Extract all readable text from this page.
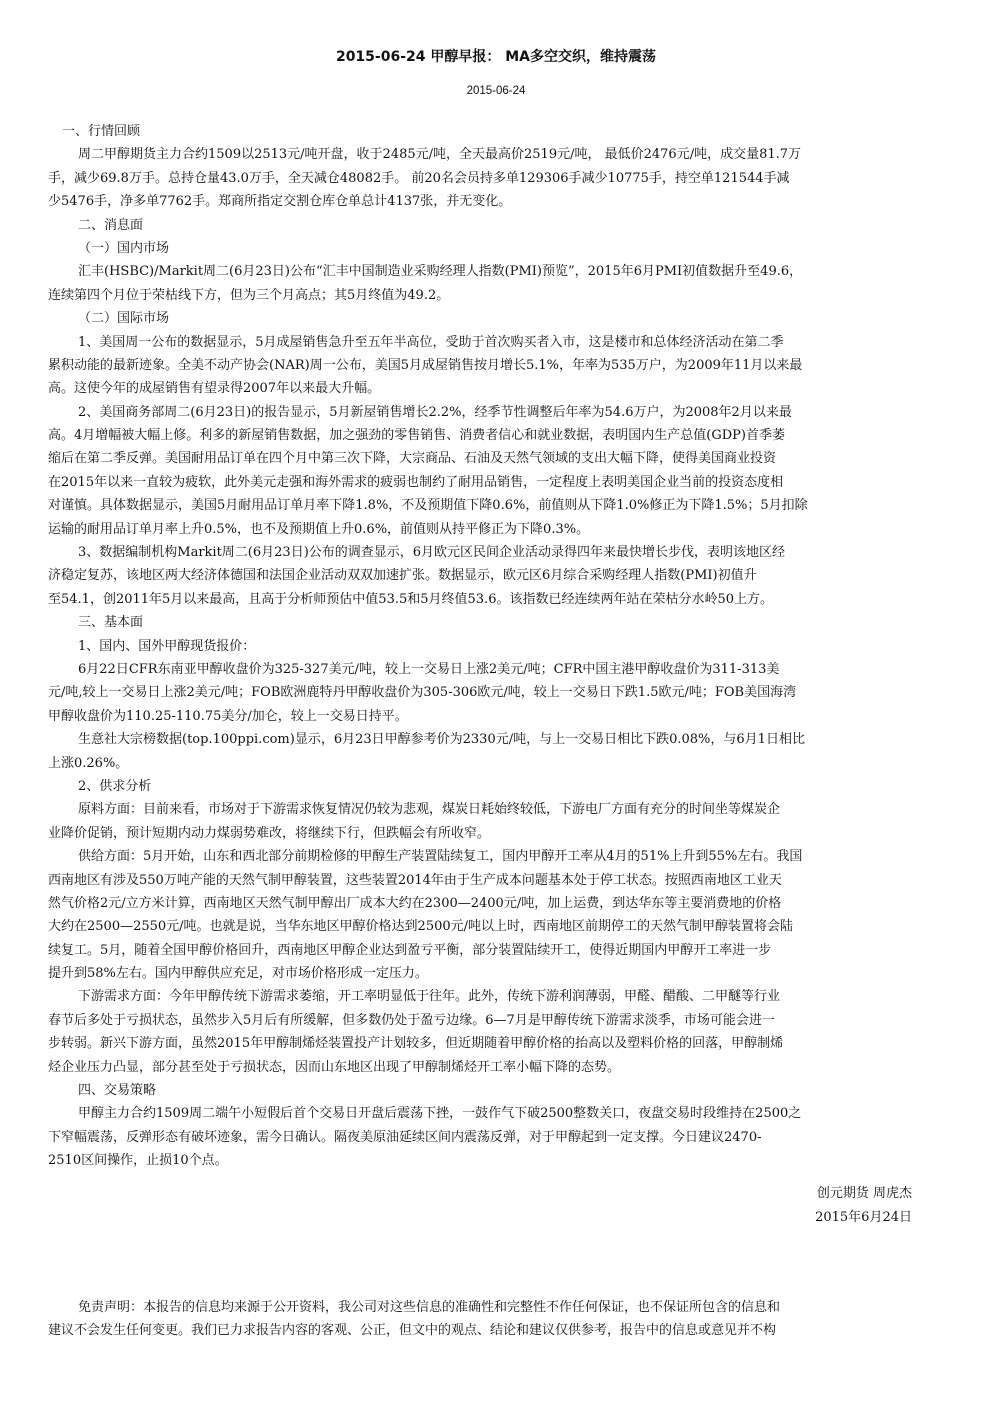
2015-06-24 甲醇早报： MA多空交织，维持震荡
2015-06-24
一、行情回顾
周二甲醇期货主力合约1509以2513元/吨开盘，收于2485元/吨，全天最高价2519元/吨， 最低价2476元/吨，成交量81.7万
手，减少69.8万手。总持仓量43.0万手，全天减仓48082手。 前20名会员持多单129306手减少10775手，持空单121544手减
少5476手，净多单7762手。郑商所指定交割仓库仓单总计4137张，并无变化。
二、消息面
（一）国内市场
汇丰(HSBC)/Markit周二(6月23日)公布“汇丰中国制造业采购经理人指数(PMI)预览”，2015年6月PMI初值数据升至49.6，
连续第四个月位于荣枯线下方，但为三个月高点；其5月终值为49.2。
（二）国际市场
1、美国周一公布的数据显示，5月成屋销售急升至五年半高位，受助于首次购买者入市，这是楼市和总体经济活动在第二季
累积动能的最新迹象。全美不动产协会(NAR)周一公布，美国5月成屋销售按月增长5.1%，年率为535万户，为2009年11月以来最
高。这使今年的成屋销售有望录得2007年以来最大升幅。
2、美国商务部周二(6月23日)的报告显示，5月新屋销售增长2.2%，经季节性调整后年率为54.6万户，为2008年2月以来最
高。4月增幅被大幅上修。利多的新屋销售数据，加之强劲的零售销售、消费者信心和就业数据，表明国内生产总值(GDP)首季萎
缩后在第二季反弹。美国耐用品订单在四个月中第三次下降，大宗商品、石油及天然气领域的支出大幅下降，使得美国商业投资
在2015年以来一直较为疲软，此外美元走强和海外需求的疲弱也制约了耐用品销售，一定程度上表明美国企业当前的投资态度相
对谨慎。具体数据显示，美国5月耐用品订单月率下降1.8%，不及预期值下降0.6%，前值则从下降1.0%修正为下降1.5%；5月扣除
运输的耐用品订单月率上升0.5%，也不及预期值上升0.6%，前值则从持平修正为下降0.3%。
3、数据编制机构Markit周二(6月23日)公布的调查显示，6月欧元区民间企业活动录得四年来最快增长步伐，表明该地区经
济稳定复苏，该地区两大经济体德国和法国企业活动双双加速扩张。数据显示，欧元区6月综合采购经理人指数(PMI)初值升
至54.1，创2011年5月以来最高，且高于分析师预估中值53.5和5月终值53.6。该指数已经连续两年站在荣枯分水岭50上方。
三、基本面
1、国内、国外甲醇现货报价：
6月22日CFR东南亚甲醇收盘价为325-327美元/吨，较上一交易日上涨2美元/吨；CFR中国主港甲醇收盘价为311-313美
元/吨,较上一交易日上涨2美元/吨；FOB欧洲鹿特丹甲醇收盘价为305-306欧元/吨，较上一交易日下跌1.5欧元/吨；FOB美国海湾
甲醇收盘价为110.25-110.75美分/加仑，较上一交易日持平。
生意社大宗榜数据(top.100ppi.com)显示，6月23日甲醇参考价为2330元/吨，与上一交易日相比下跌0.08%，与6月1日相比
上涨0.26%。
2、供求分析
原料方面：目前来看，市场对于下游需求恢复情况仍较为悲观，煤炭日耗始终较低，下游电厂方面有充分的时间坐等煤炭企
业降价促销，预计短期内动力煤弱势难改，将继续下行，但跌幅会有所收窄。
供给方面：5月开始，山东和西北部分前期检修的甲醇生产装置陆续复工，国内甲醇开工率从4月的51%上升到55%左右。我国
西南地区有涉及550万吨产能的天然气制甲醇装置，这些装置2014年由于生产成本问题基本处于停工状态。按照西南地区工业天
然气价格2元/立方米计算，西南地区天然气制甲醇出厂成本大约在2300—2400元/吨，加上运费，到达华东等主要消费地的价格
大约在2500—2550元/吨。也就是说，当华东地区甲醇价格达到2500元/吨以上时，西南地区前期停工的天然气制甲醇装置将会陆
续复工。5月，随着全国甲醇价格回升，西南地区甲醇企业达到盈亏平衡，部分装置陆续开工，使得近期国内甲醇开工率进一步
提升到58%左右。国内甲醇供应充足，对市场价格形成一定压力。
下游需求方面：今年甲醇传统下游需求萎缩，开工率明显低于往年。此外，传统下游利润薄弱，甲醛、醋酸、二甲醚等行业
春节后多处于亏损状态，虽然步入5月后有所缓解，但多数仍处于盈亏边缘。6—7月是甲醇传统下游需求淡季，市场可能会进一
步转弱。新兴下游方面，虽然2015年甲醇制烯烃装置投产计划较多，但近期随着甲醇价格的抬高以及塑料价格的回落，甲醇制烯
烃企业压力凸显，部分甚至处于亏损状态，因而山东地区出现了甲醇制烯烃开工率小幅下降的态势。
四、交易策略
甲醇主力合约1509周二端午小短假后首个交易日开盘后震荡下挫，一鼓作气下破2500整数关口，夜盘交易时段维持在2500之
下窄幅震荡，反弹形态有破坏迹象，需今日确认。隔夜美原油延续区间内震荡反弹，对于甲醇起到一定支撑。今日建议2470-
2510区间操作，止损10个点。
创元期货 周虎杰
2015年6月24日
免责声明：本报告的信息均来源于公开资料，我公司对这些信息的准确性和完整性不作任何保证，也不保证所包含的信息和
建议不会发生任何变更。我们已力求报告内容的客观、公正，但文中的观点、结论和建议仅供参考，报告中的信息或意见并不构
